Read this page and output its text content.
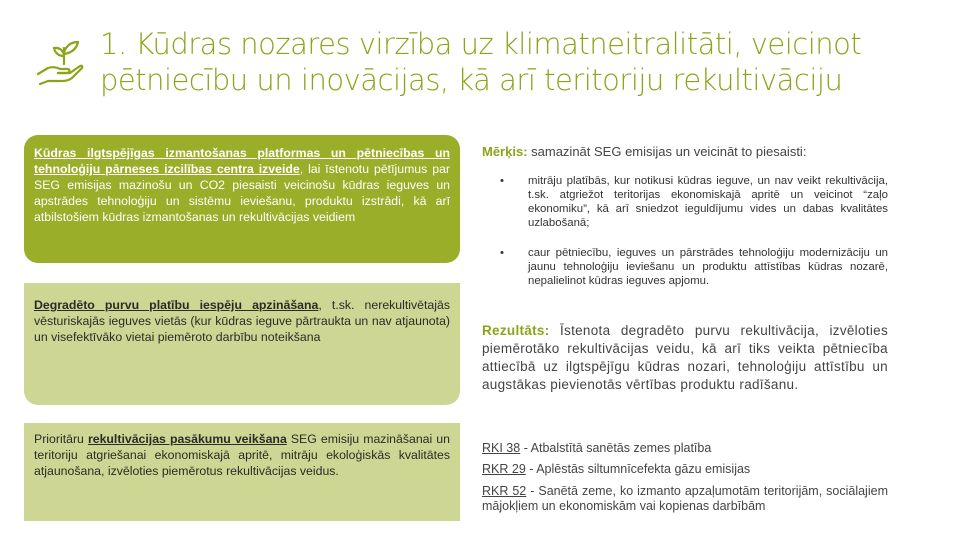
1. Kūdras nozares virzība uz klimatneitralitāti, veicinot pētniecību un inovācijas, kā arī teritoriju rekultivāciju
Kūdras ilgtspējīgas izmantošanas platformas un pētniecības un tehnoloģiju pārneses izcilības centra izveide, lai īstenotu pētījumus par SEG emisijas mazinošu un CO2 piesaisti veicinošu kūdras ieguves un apstrādes tehnoloģiju un sistēmu ieviešanu, produktu izstrādi, kā arī atbilstošiem kūdras izmantošanas un rekultivācijas veidiem
Degradēto purvu platību iespēju apzināšana, t.sk. nerekultivētajās vēsturiskajās ieguves vietās (kur kūdras ieguve pārtraukta un nav atjaunota) un visefektīvāko vietai piemēroto darbību noteikšana
Prioritāru rekultivācijas pasākumu veikšana SEG emisiju mazināšanai un teritoriju atgriešanai ekonomiskajā apritē, mitrāju ekoloģiskās kvalitātes atjaunošana, izvēloties piemērotus rekultivācijas veidus.
Mērķis: samazināt SEG emisijas un veicināt to piesaisti:
•	mitrāju platībās, kur notikusi kūdras ieguve, un nav veikt rekultivācija, t.sk. atgriežot teritorijas ekonomiskajā apritē un veicinot “zaļo ekonomiku”, kā arī sniedzot ieguldījumu vides un dabas kvalitātes uzlabošanā;
•	caur pētniecību, ieguves un pārstrādes tehnoloģiju modernizāciju un jaunu tehnoloģiju ieviešanu un produktu attīstības kūdras nozarē, nepalielinot kūdras ieguves apjomu.
Rezultāts: Īstenota degradēto purvu rekultivācija, izvēloties piemērotāko rekultivācijas veidu, kā arī tiks veikta pētniecība attiecībā uz ilgtspējīgu kūdras nozari, tehnoloģiju attīstību un augstākas pievienotās vērtības produktu radīšanu.
RKI 38 - Atbalstītā sanētās zemes platība
RKR 29 - Aplēstās siltumnīcefekta gāzu emisijas
RKR 52 - Sanētā zeme, ko izmanto apzaļumotām teritorijām, sociālajiem mājokļiem un ekonomiskām vai kopienas darbībām
